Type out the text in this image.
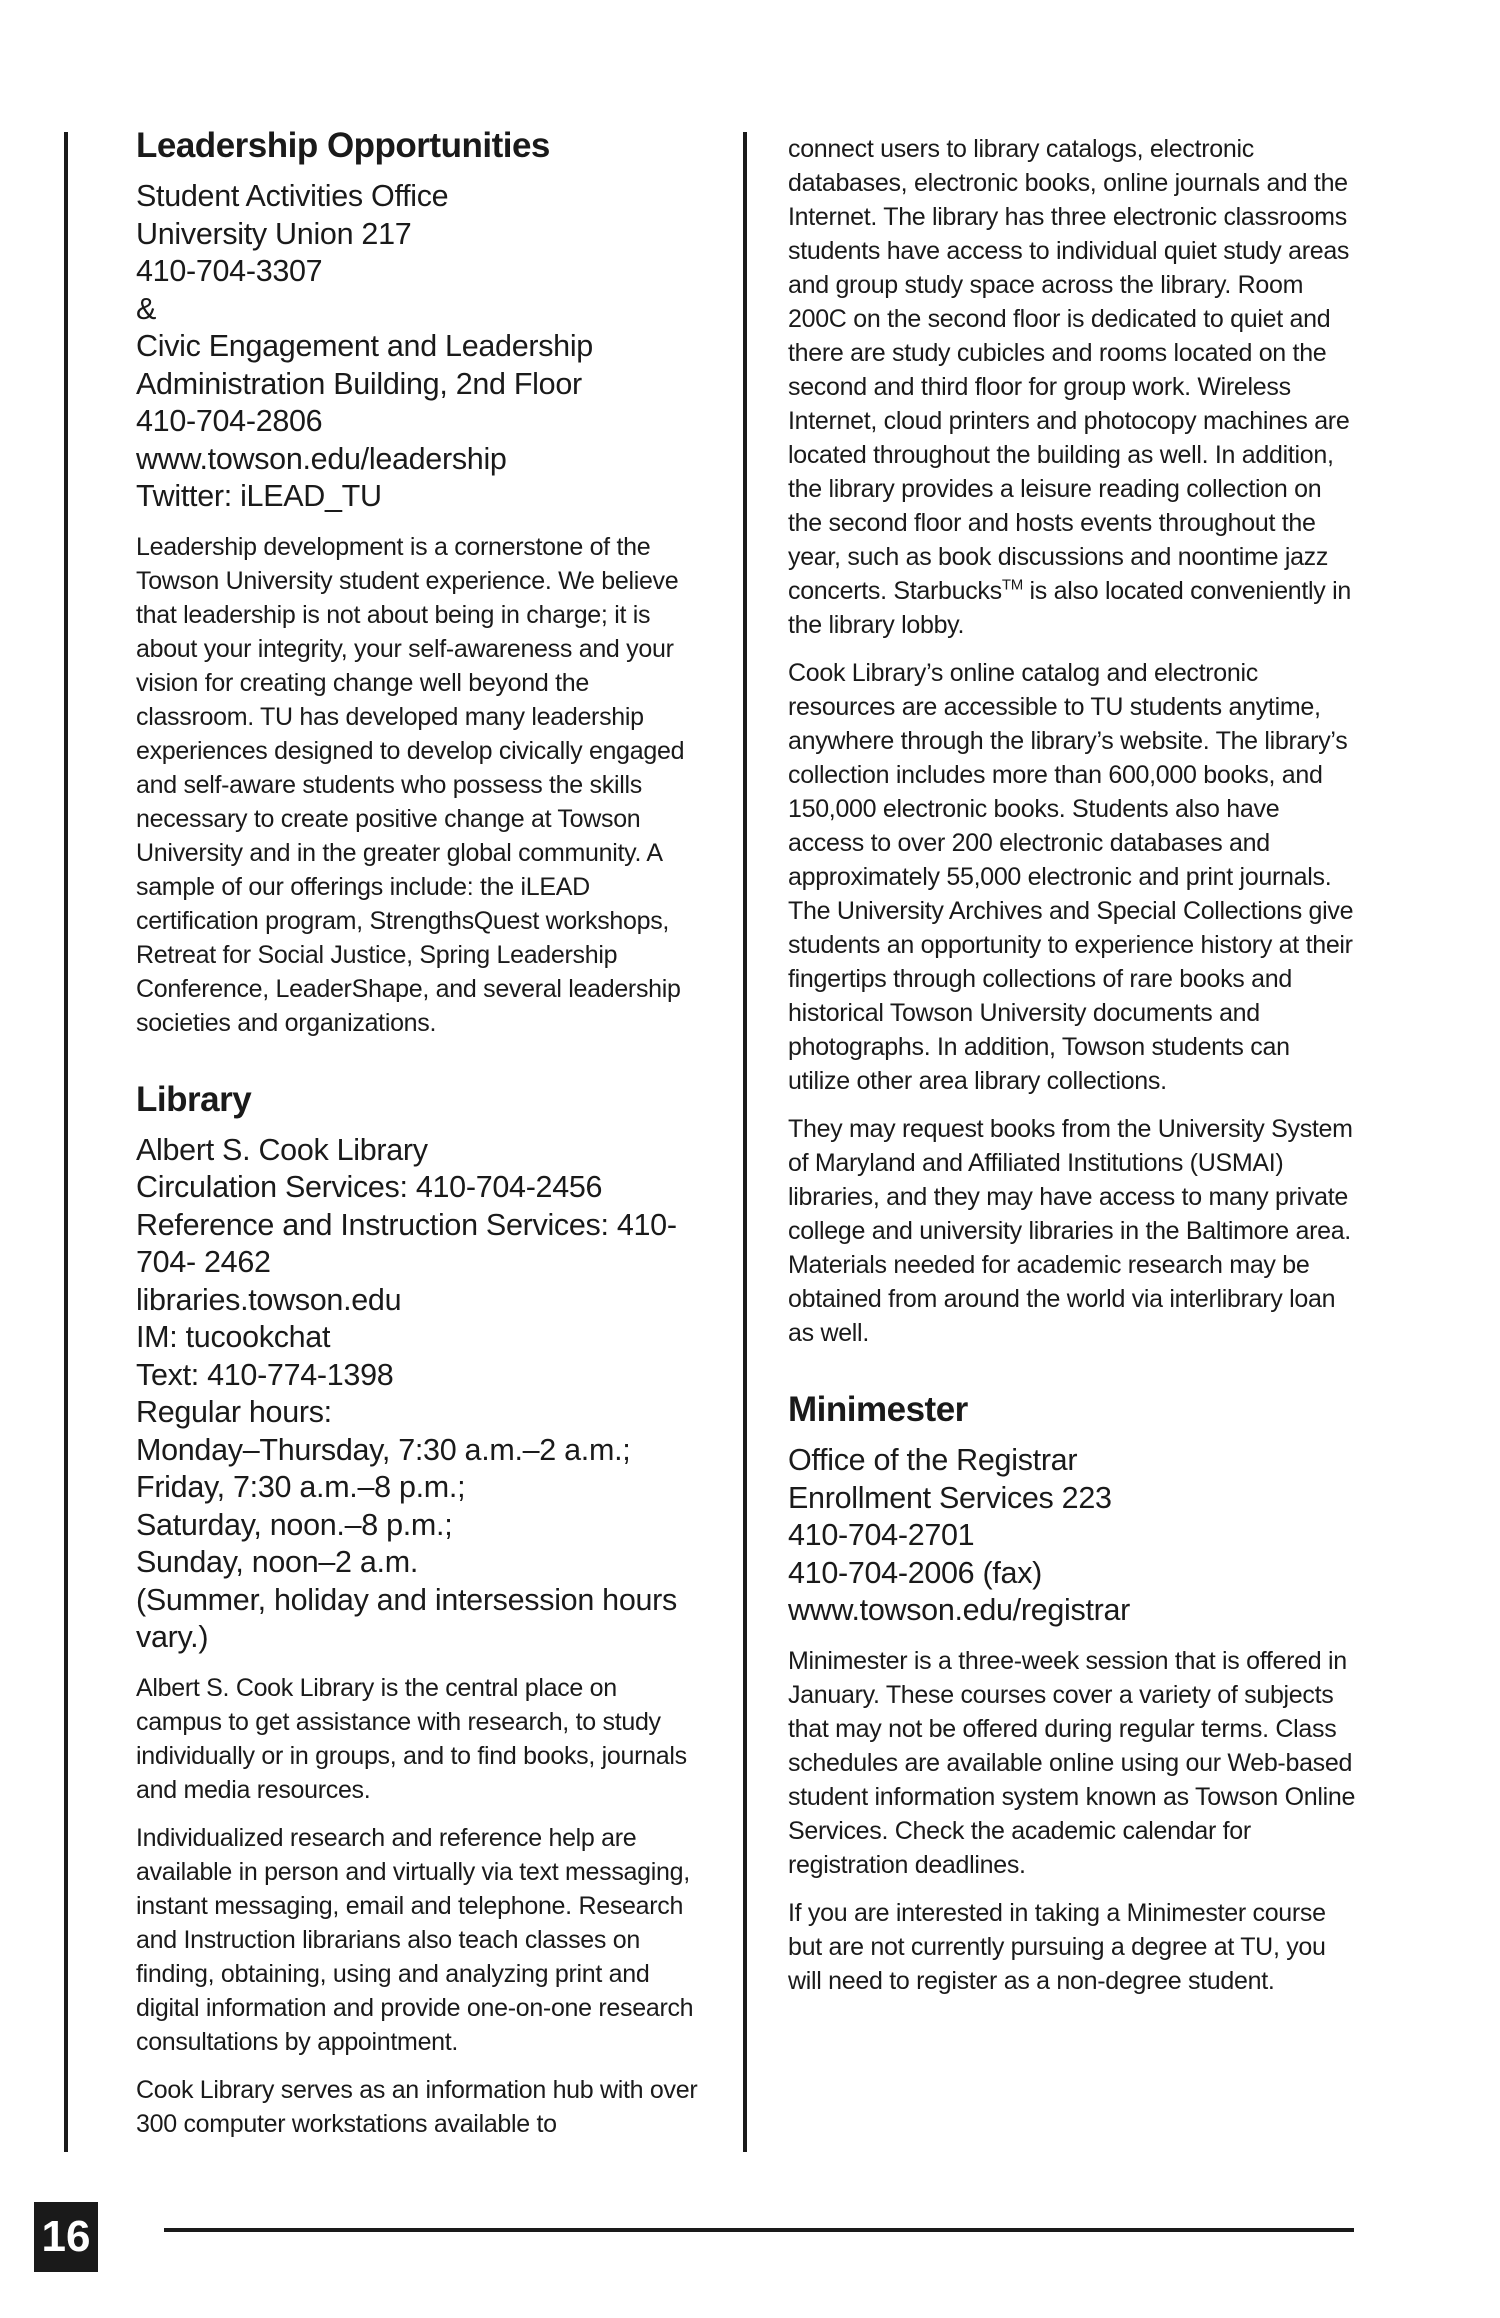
Leadership Opportunities
Student Activities Office
University Union 217
410-704-3307
&
Civic Engagement and Leadership
Administration Building, 2nd Floor
410-704-2806
www.towson.edu/leadership
Twitter: iLEAD_TU

Leadership development is a cornerstone of the Towson University student experience. We believe that leadership is not about being in charge; it is about your integrity, your self-awareness and your vision for creating change well beyond the classroom. TU has developed many leadership experiences designed to develop civically engaged and self-aware students who possess the skills necessary to create positive change at Towson University and in the greater global community. A sample of our offerings include: the iLEAD certification program, StrengthsQuest workshops, Retreat for Social Justice, Spring Leadership Conference, LeaderShape, and several leadership societies and organizations.

Library
Albert S. Cook Library
Circulation Services: 410-704-2456
Reference and Instruction Services: 410-704- 2462
libraries.towson.edu
IM: tucookchat
Text: 410-774-1398
Regular hours:
Monday–Thursday, 7:30 a.m.–2 a.m.;
Friday, 7:30 a.m.–8 p.m.;
Saturday, noon.–8 p.m.;
Sunday, noon–2 a.m.
(Summer, holiday and intersession hours vary.)

Albert S. Cook Library is the central place on campus to get assistance with research, to study individually or in groups, and to find books, journals and media resources.

Individualized research and reference help are available in person and virtually via text messaging, instant messaging, email and telephone. Research and Instruction librarians also teach classes on finding, obtaining, using and analyzing print and digital information and provide one-on-one research consultations by appointment.

Cook Library serves as an information hub with over 300 computer workstations available to

connect users to library catalogs, electronic databases, electronic books, online journals and the Internet. The library has three electronic classrooms students have access to individual quiet study areas and group study space across the library. Room 200C on the second floor is dedicated to quiet and there are study cubicles and rooms located on the second and third floor for group work. Wireless Internet, cloud printers and photocopy machines are located throughout the building as well. In addition, the library provides a leisure reading collection on the second floor and hosts events throughout the year, such as book discussions and noontime jazz concerts. Starbucks™ is also located conveniently in the library lobby.

Cook Library’s online catalog and electronic resources are accessible to TU students anytime, anywhere through the library’s website. The library’s collection includes more than 600,000 books, and 150,000 electronic books. Students also have access to over 200 electronic databases and approximately 55,000 electronic and print journals. The University Archives and Special Collections give students an opportunity to experience history at their fingertips through collections of rare books and historical Towson University documents and photographs. In addition, Towson students can utilize other area library collections.

They may request books from the University System of Maryland and Affiliated Institutions (USMAI) libraries, and they may have access to many private college and university libraries in the Baltimore area. Materials needed for academic research may be obtained from around the world via interlibrary loan as well.

Minimester
Office of the Registrar
Enrollment Services 223
410-704-2701
410-704-2006 (fax)
www.towson.edu/registrar

Minimester is a three-week session that is offered in January. These courses cover a variety of subjects that may not be offered during regular terms. Class schedules are available online using our Web-based student information system known as Towson Online Services. Check the academic calendar for registration deadlines.

If you are interested in taking a Minimester course but are not currently pursuing a degree at TU, you will need to register as a non-degree student.

16
